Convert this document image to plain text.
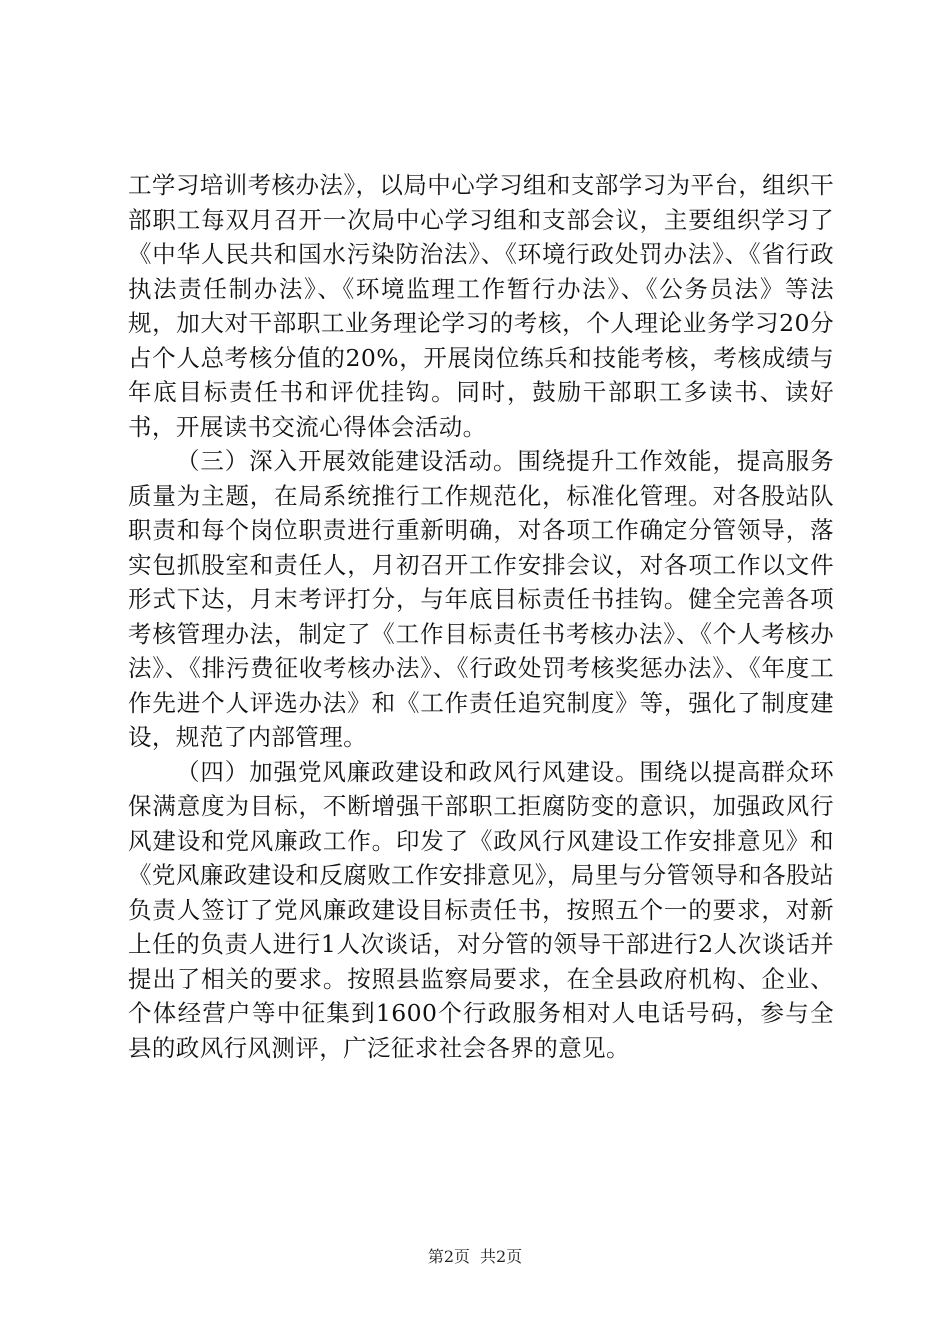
工学习培训考核办法》，以局中心学习组和支部学习为平台，组织干部职工每双月召开一次局中心学习组和支部会议，主要组织学习了《中华人民共和国水污染防治法》、《环境行政处罚办法》、《省行政执法责任制办法》、《环境监理工作暂行办法》、《公务员法》等法规，加大对干部职工业务理论学习的考核，个人理论业务学习20分占个人总考核分值的20%，开展岗位练兵和技能考核，考核成绩与年底目标责任书和评优挂钩。同时，鼓励干部职工多读书、读好书，开展读书交流心得体会活动。

（三）深入开展效能建设活动。围绕提升工作效能，提高服务质量为主题，在局系统推行工作规范化，标准化管理。对各股站队职责和每个岗位职责进行重新明确，对各项工作确定分管领导，落实包抓股室和责任人，月初召开工作安排会议，对各项工作以文件形式下达，月末考评打分，与年底目标责任书挂钩。健全完善各项考核管理办法，制定了《工作目标责任书考核办法》、《个人考核办法》、《排污费征收考核办法》、《行政处罚考核奖惩办法》、《年度工作先进个人评选办法》和《工作责任追究制度》等，强化了制度建设，规范了内部管理。

（四）加强党风廉政建设和政风行风建设。围绕以提高群众环保满意度为目标，不断增强干部职工拒腐防变的意识，加强政风行风建设和党风廉政工作。印发了《政风行风建设工作安排意见》和《党风廉政建设和反腐败工作安排意见》，局里与分管领导和各股站负责人签订了党风廉政建设目标责任书，按照五个一的要求，对新上任的负责人进行1人次谈话，对分管的领导干部进行2人次谈话并提出了相关的要求。按照县监察局要求，在全县政府机构、企业、个体经营户等中征集到1600个行政服务相对人电话号码，参与全县的政风行风测评，广泛征求社会各界的意见。

第2页 共2页
